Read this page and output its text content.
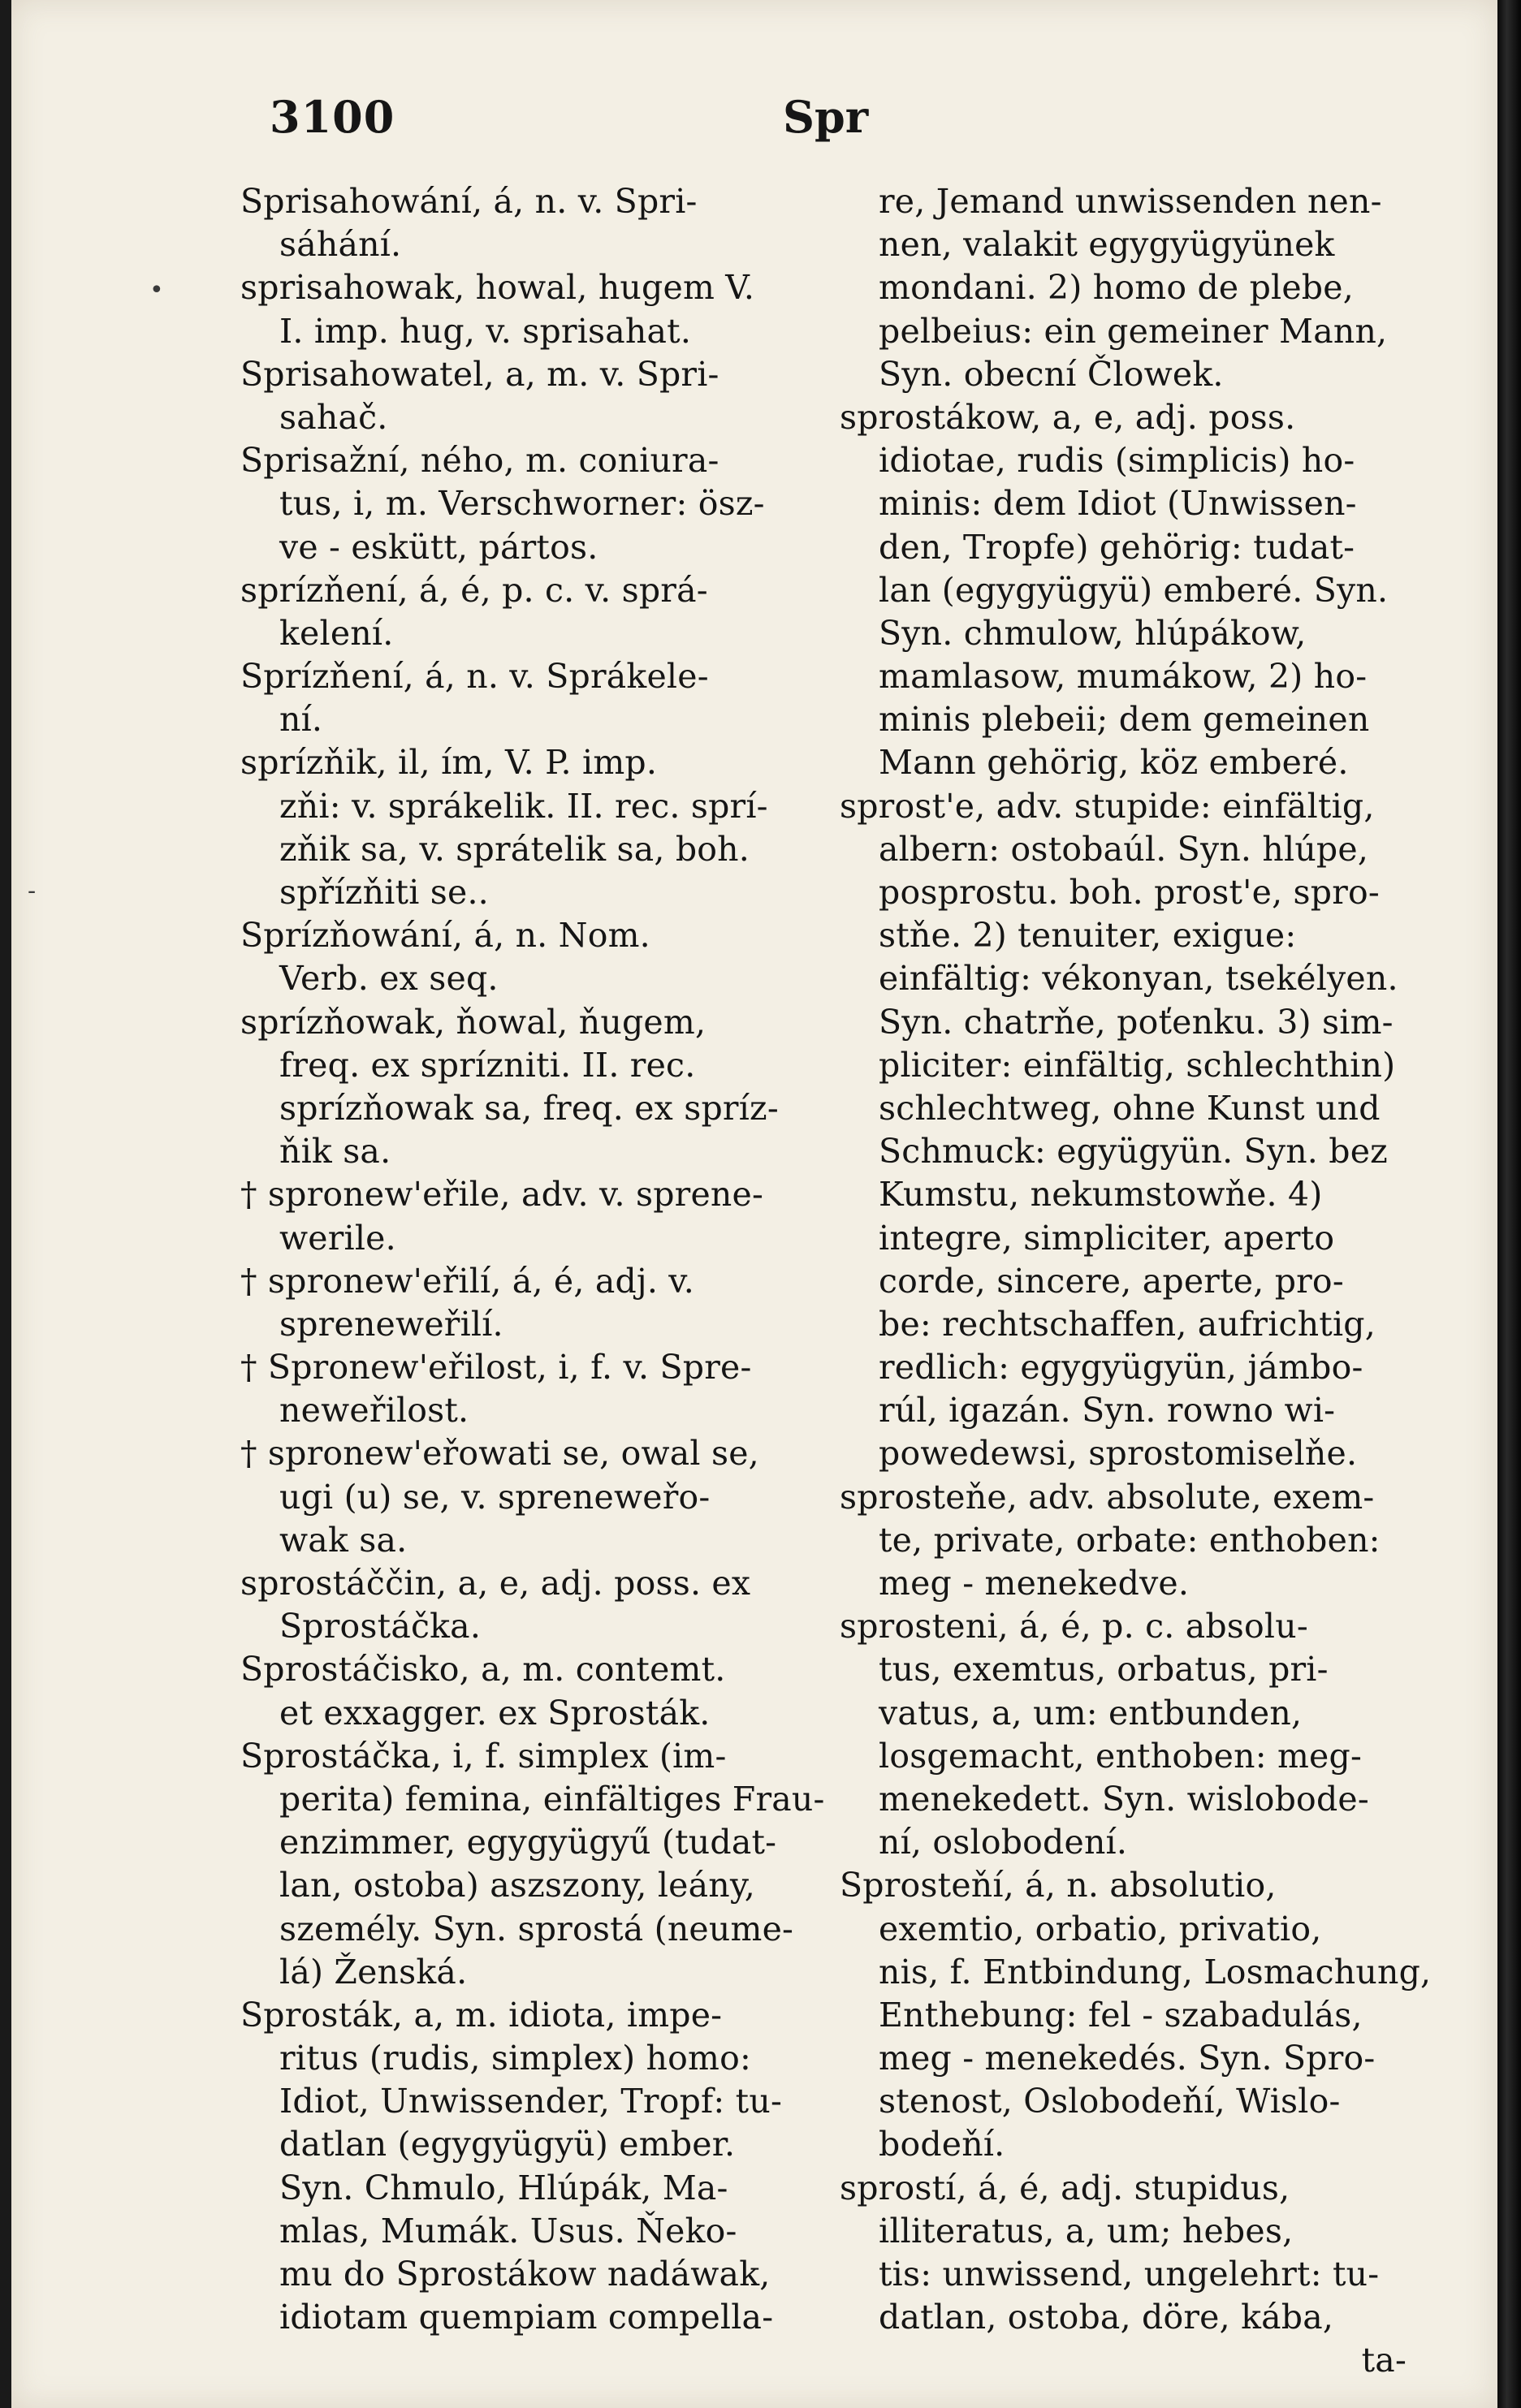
3100	Spr
Sprisahowání, á, n. v. Spri-
sáhání.
sprisahowak, howal, hugem V.
I. imp. hug, v. sprisahat.
Sprisahowatel, a, m. v. Spri-
sahač.
Sprisažní, ného, m. coniura-
tus, i, m. Verschworner: ösz-
ve - eskütt, pártos.
sprízňení, á, é, p. c. v. sprá-
kelení.
Sprízňení, á, n. v. Sprákele-
ní.
sprízňik, il, ím, V. P. imp.
zňi: v. sprákelik. II. rec. sprí-
zňik sa, v. sprátelik sa, boh.
spřízňiti se..
Sprízňowání, á, n. Nom.
Verb. ex seq.
sprízňowak, ňowal, ňugem,
freq. ex sprízniti. II. rec.
sprízňowak sa, freq. ex spríz-
ňik sa.
† spronew'eřile, adv. v. sprene-
werile.
† spronew'eřilí, á, é, adj. v.
spreneweřilí.
† Spronew'eřilost, i, f. v. Spre-
neweřilost.
† spronew'eřowati se, owal se,
ugi (u) se, v. spreneweřo-
wak sa.
sprostáččin, a, e, adj. poss. ex
Sprostáčka.
Sprostáčisko, a, m. contemt.
et exxagger. ex Sprosták.
Sprostáčka, i, f. simplex (im-
perita) femina, einfältiges Frau-
enzimmer, egygyügyű (tudat-
lan, ostoba) aszszony, leány,
személy. Syn. sprostá (neume-
lá) Ženská.
Sprosták, a, m. idiota, impe-
ritus (rudis, simplex) homo:
Idiot, Unwissender, Tropf: tu-
datlan (egygyügyü) ember.
Syn. Chmulo, Hlúpák, Ma-
mlas, Mumák. Usus. Ňeko-
mu do Sprostákow nadáwak,
idiotam quempiam compella-
re, Jemand unwissenden nen-
nen, valakit egygyügyünek
mondani. 2) homo de plebe,
pelbeius: ein gemeiner Mann,
Syn. obecní Člowek.
sprostákow, a, e, adj. poss.
idiotae, rudis (simplicis) ho-
minis: dem Idiot (Unwissen-
den, Tropfe) gehörig: tudat-
lan (egygyügyü) emberé. Syn.
Syn. chmulow, hlúpákow,
mamlasow, mumákow, 2) ho-
minis plebeii; dem gemeinen
Mann gehörig, köz emberé.
sprost'e, adv. stupide: einfältig,
albern: ostobaúl. Syn. hlúpe,
posprostu. boh. prost'e, spro-
stňe. 2) tenuiter, exigue:
einfältig: vékonyan, tsekélyen.
Syn. chatrňe, poťenku. 3) sim-
pliciter: einfältig, schlechthin)
schlechtweg, ohne Kunst und
Schmuck: együgyün. Syn. bez
Kumstu, nekumstowňe. 4)
integre, simpliciter, aperto
corde, sincere, aperte, pro-
be: rechtschaffen, aufrichtig,
redlich: egygyügyün, jámbo-
rúl, igazán. Syn. rowno wi-
powedewsi, sprostomiselňe.
sprosteňe, adv. absolute, exem-
te, private, orbate: enthoben:
meg - menekedve.
sprosteni, á, é, p. c. absolu-
tus, exemtus, orbatus, pri-
vatus, a, um: entbunden,
losgemacht, enthoben: meg-
menekedett. Syn. wislobode-
ní, oslobodení.
Sprosteňí, á, n. absolutio,
exemtio, orbatio, privatio,
nis, f. Entbindung, Losmachung,
Enthebung: fel - szabadulás,
meg - menekedés. Syn. Spro-
stenost, Oslobodeňí, Wislo-
bodeňí.
sprostí, á, é, adj. stupidus,
illiteratus, a, um; hebes,
tis: unwissend, ungelehrt: tu-
datlan, ostoba, döre, kába,
ta-
•
-
